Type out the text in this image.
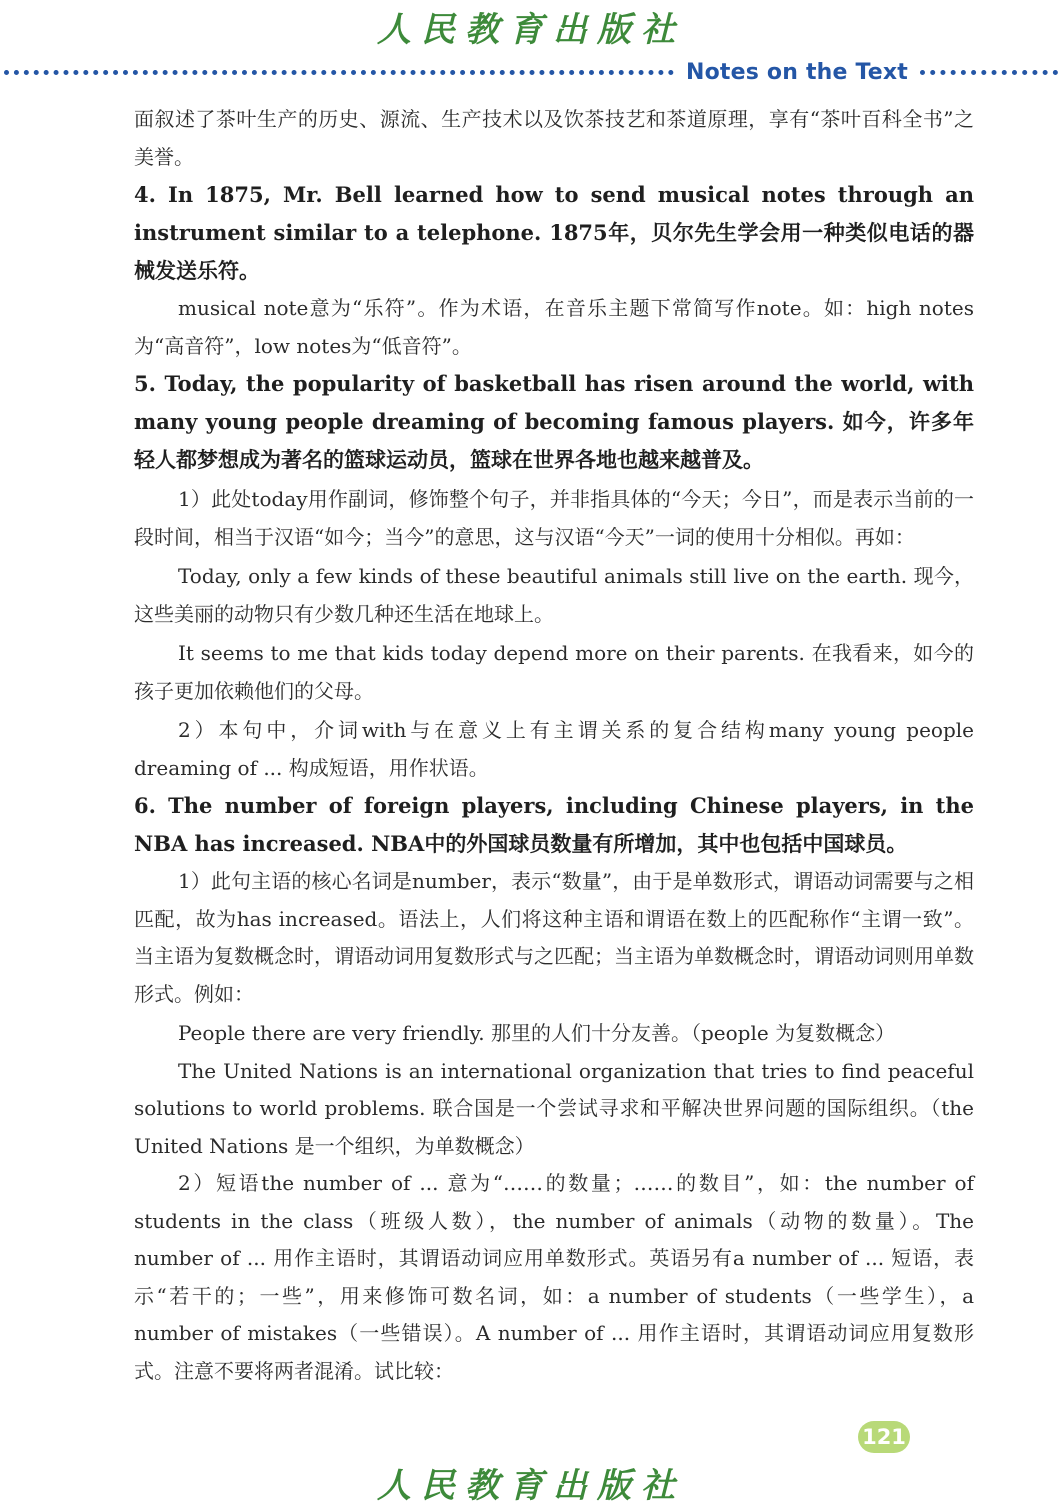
人民教育出版社
Notes on the Text

面叙述了茶叶生产的历史、源流、生产技术以及饮茶技艺和茶道原理，享有“茶叶百科全书”之美誉。

4. In 1875, Mr. Bell learned how to send musical notes through an instrument similar to a telephone. 1875年，贝尔先生学会用一种类似电话的器械发送乐符。

musical note意为“乐符”。作为术语，在音乐主题下常简写作note。如：high notes为“高音符”，low notes为“低音符”。

5. Today, the popularity of basketball has risen around the world, with many young people dreaming of becoming famous players. 如今，许多年轻人都梦想成为著名的篮球运动员，篮球在世界各地也越来越普及。

1）此处today用作副词，修饰整个句子，并非指具体的“今天；今日”，而是表示当前的一段时间，相当于汉语“如今；当今”的意思，这与汉语“今天”一词的使用十分相似。再如：

Today, only a few kinds of these beautiful animals still live on the earth. 现今，这些美丽的动物只有少数几种还生活在地球上。

It seems to me that kids today depend more on their parents. 在我看来，如今的孩子更加依赖他们的父母。

2）本句中，介词with与在意义上有主谓关系的复合结构many young people dreaming of ... 构成短语，用作状语。

6. The number of foreign players, including Chinese players, in the NBA has increased. NBA中的外国球员数量有所增加，其中也包括中国球员。

1）此句主语的核心名词是number，表示“数量”，由于是单数形式，谓语动词需要与之相匹配，故为has increased。语法上，人们将这种主语和谓语在数上的匹配称作“主谓一致”。当主语为复数概念时，谓语动词用复数形式与之匹配；当主语为单数概念时，谓语动词则用单数形式。例如：

People there are very friendly. 那里的人们十分友善。（people 为复数概念）

The United Nations is an international organization that tries to find peaceful solutions to world problems. 联合国是一个尝试寻求和平解决世界问题的国际组织。（the United Nations 是一个组织，为单数概念）

2）短语the number of ... 意为“……的数量；……的数目”，如：the number of students in the class（班级人数），the number of animals（动物的数量）。The number of ... 用作主语时，其谓语动词应用单数形式。英语另有a number of ... 短语，表示“若干的；一些”，用来修饰可数名词，如：a number of students（一些学生），a number of mistakes（一些错误）。A number of ... 用作主语时，其谓语动词应用复数形式。注意不要将两者混淆。试比较：

121
人民教育出版社
